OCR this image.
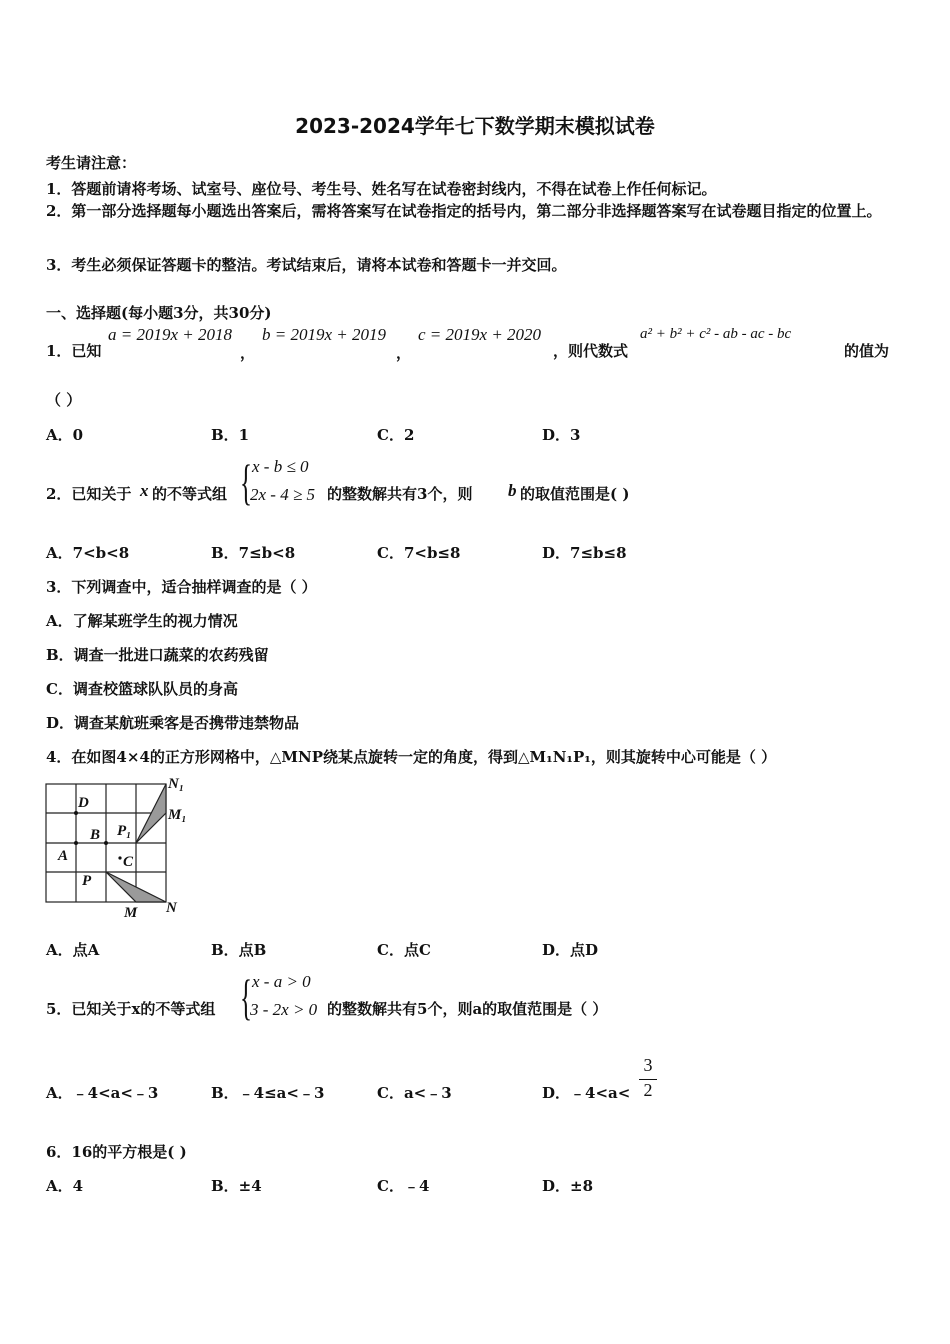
2023-2024学年七下数学期末模拟试卷
考生请注意：
1．答题前请将考场、试室号、座位号、考生号、姓名写在试卷密封线内，不得在试卷上作任何标记。
2．第一部分选择题每小题选出答案后，需将答案写在试卷指定的括号内，第二部分非选择题答案写在试卷题目指定的位置上。
3．考生必须保证答题卡的整洁。考试结束后，请将本试卷和答题卡一并交回。
一、选择题(每小题3分，共30分)
1．已知
a = 2019x + 2018
，
b = 2019x + 2019
，
c = 2019x + 2020
，则代数式
a² + b² + c² - ab - ac - bc
的值为
（ ）
A．0	B．1	C．2	D．3
2．已知关于 x 的不等式组 { x - b ≤ 0
2x - 4 ≥ 5 的整数解共有3个，则 b 的取值范围是( )
A．7<b<8	B．7≤b<8	C．7<b≤8	D．7≤b≤8
3．下列调查中，适合抽样调查的是（ ）
A．了解某班学生的视力情况
B．调查一批进口蔬菜的农药残留
C．调查校篮球队队员的身高
D．调查某航班乘客是否携带违禁物品
4．在如图4×4的正方形网格中，△MNP绕某点旋转一定的角度，得到△M₁N₁P₁，则其旋转中心可能是（ ）
D
B
A	C
P
M N
P₁
M₁
N₁
A．点A	B．点B	C．点C	D．点D
5．已知关于x的不等式组 { x - a > 0
3 - 2x > 0 的整数解共有5个，则a的取值范围是（ ）
A．﹣4<a<﹣3	B．﹣4≤a<﹣3	C．a<﹣3	D．﹣4<a<
3
2
6．16的平方根是( )
A．4	B．±4	C．﹣4	D．±8
